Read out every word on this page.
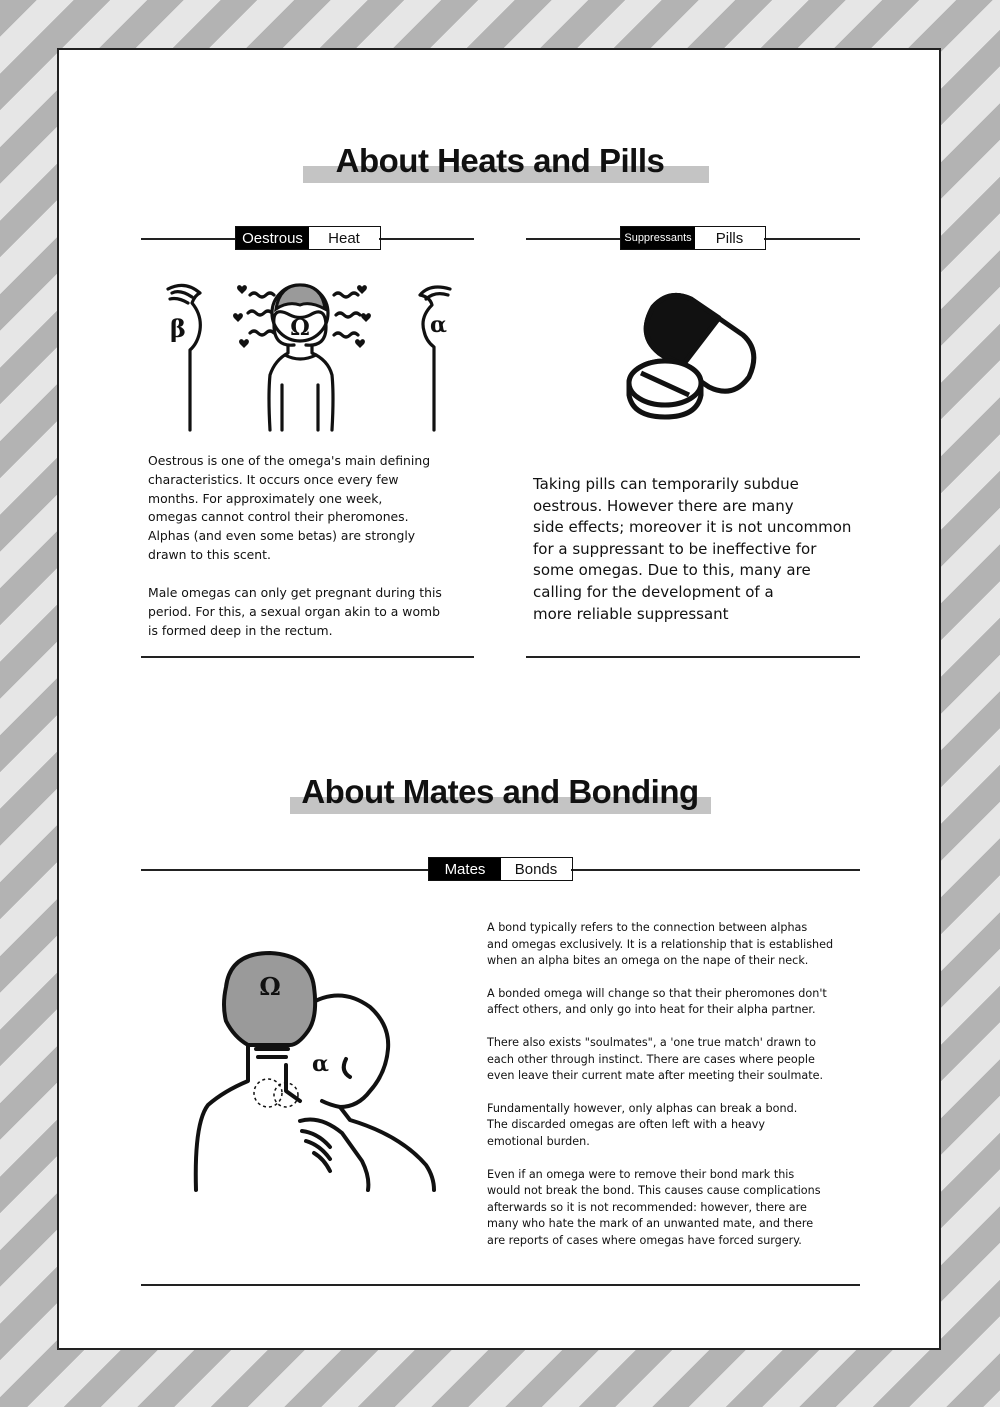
About Heats and Pills
Oestrous	Heat	Suppressants	Pills
β	Ω	α
Oestrous is one of the omega's main defining
characteristics. It occurs once every few
months. For approximately one week,
omegas cannot control their pheromones.
Alphas (and even some betas) are strongly
drawn to this scent.
Male omegas can only get pregnant during this
period. For this, a sexual organ akin to a womb
is formed deep in the rectum.
Taking pills can temporarily subdue
oestrous. However there are many
side effects; moreover it is not uncommon
for a suppressant to be ineffective for
some omegas. Due to this, many are
calling for the development of a
more reliable suppressant
About Mates and Bonding
Mates	Bonds
Ω
α

A bond typically refers to the connection between alphas
and omegas exclusively. It is a relationship that is established
when an alpha bites an omega on the nape of their neck.

A bonded omega will change so that their pheromones don't
affect others, and only go into heat for their alpha partner.

There also exists "soulmates", a 'one true match' drawn to
each other through instinct. There are cases where people
even leave their current mate after meeting their soulmate.

Fundamentally however, only alphas can break a bond.
The discarded omegas are often left with a heavy
emotional burden.

Even if an omega were to remove their bond mark this
would not break the bond. This causes cause complications
afterwards so it is not recommended: however, there are
many who hate the mark of an unwanted mate, and there
are reports of cases where omegas have forced surgery.
